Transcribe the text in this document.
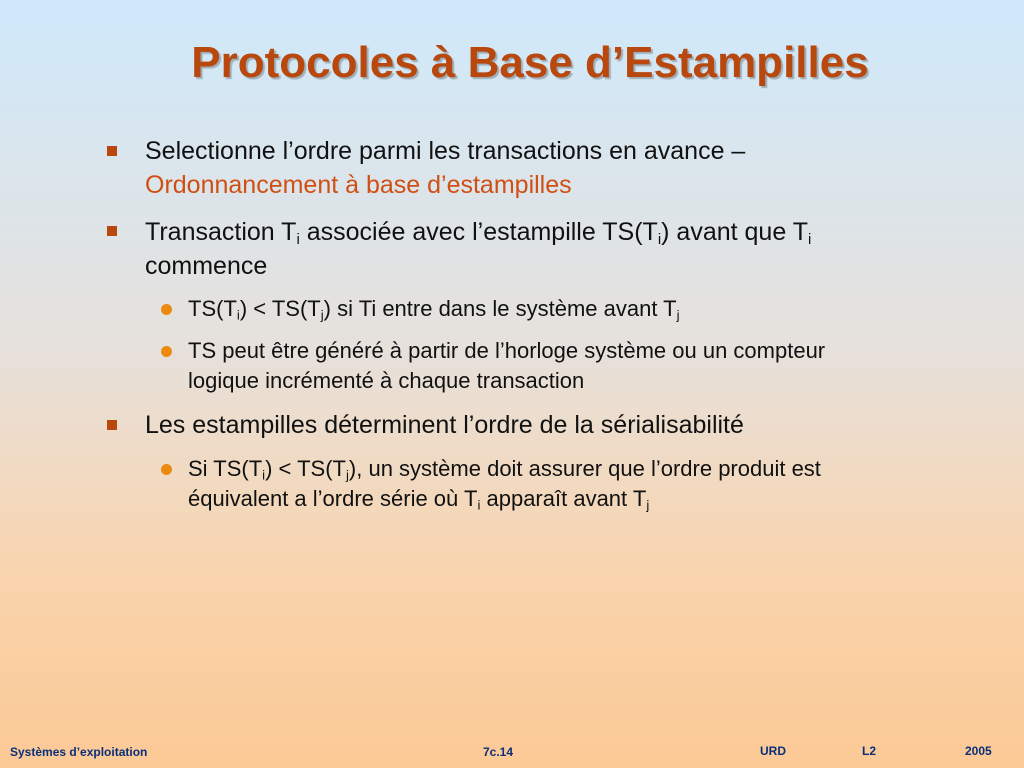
Protocoles à Base d’Estampilles
Selectionne l’ordre parmi les transactions en avance –
Ordonnancement à base d’estampilles
Transaction $T_i$ associée avec l’estampille $TS(T_i)$ avant que $T_i$
commence
$TS(T_i) < TS(T_j)$ si Ti entre dans le système avant $T_j$
TS peut être généré à partir de l’horloge système ou un compteur
logique incrémenté à chaque transaction
Les estampilles déterminent l’ordre de la sérialisabilité
Si $TS(T_i) < TS(T_j)$, un système doit assurer que l’ordre produit est
équivalent a l’ordre série où $T_i$ apparaît avant $T_j$
Systèmes d’exploitation	7c.14	URD	L2	2005
